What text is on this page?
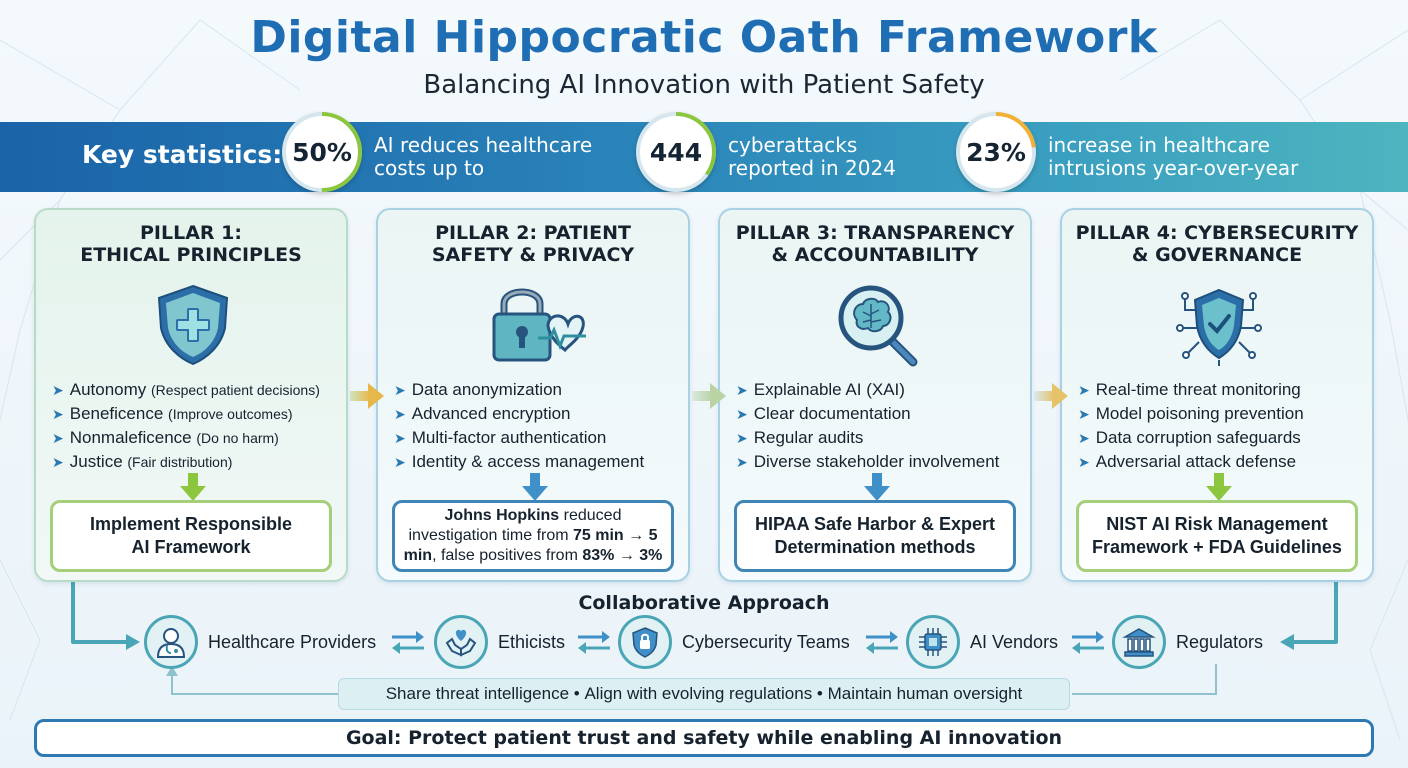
Digital Hippocratic Oath Framework
Balancing AI Innovation with Patient Safety
Key statistics: 50% AI reduces healthcare
costs up to
444 cyberattacks
reported in 2024
23% increase in healthcare
intrusions year-over-year
PILLAR 1:
ETHICAL PRINCIPLES
➤ Autonomy (Respect patient decisions)
➤ Beneficence (Improve outcomes)
➤ Nonmaleficence (Do no harm)
➤ Justice (Fair distribution)
Implement Responsible
AI Framework
PILLAR 2: PATIENT
SAFETY & PRIVACY
➤ Data anonymization
➤ Advanced encryption
➤ Multi-factor authentication
➤ Identity & access management
Johns Hopkins reduced investigation time from 75 min → 5 min, false positives from 83% → 3%
PILLAR 3: TRANSPARENCY
& ACCOUNTABILITY
➤ Explainable AI (XAI)
➤ Clear documentation
➤ Regular audits
➤ Diverse stakeholder involvement
HIPAA Safe Harbor & Expert
Determination methods
PILLAR 4: CYBERSECURITY
& GOVERNANCE
➤ Real-time threat monitoring
➤ Model poisoning prevention
➤ Data corruption safeguards
➤ Adversarial attack defense
NIST AI Risk Management
Framework + FDA Guidelines
Collaborative Approach
Healthcare Providers	Ethicists	Cybersecurity Teams	AI Vendors	Regulators
Share threat intelligence • Align with evolving regulations • Maintain human oversight
Goal: Protect patient trust and safety while enabling AI innovation
